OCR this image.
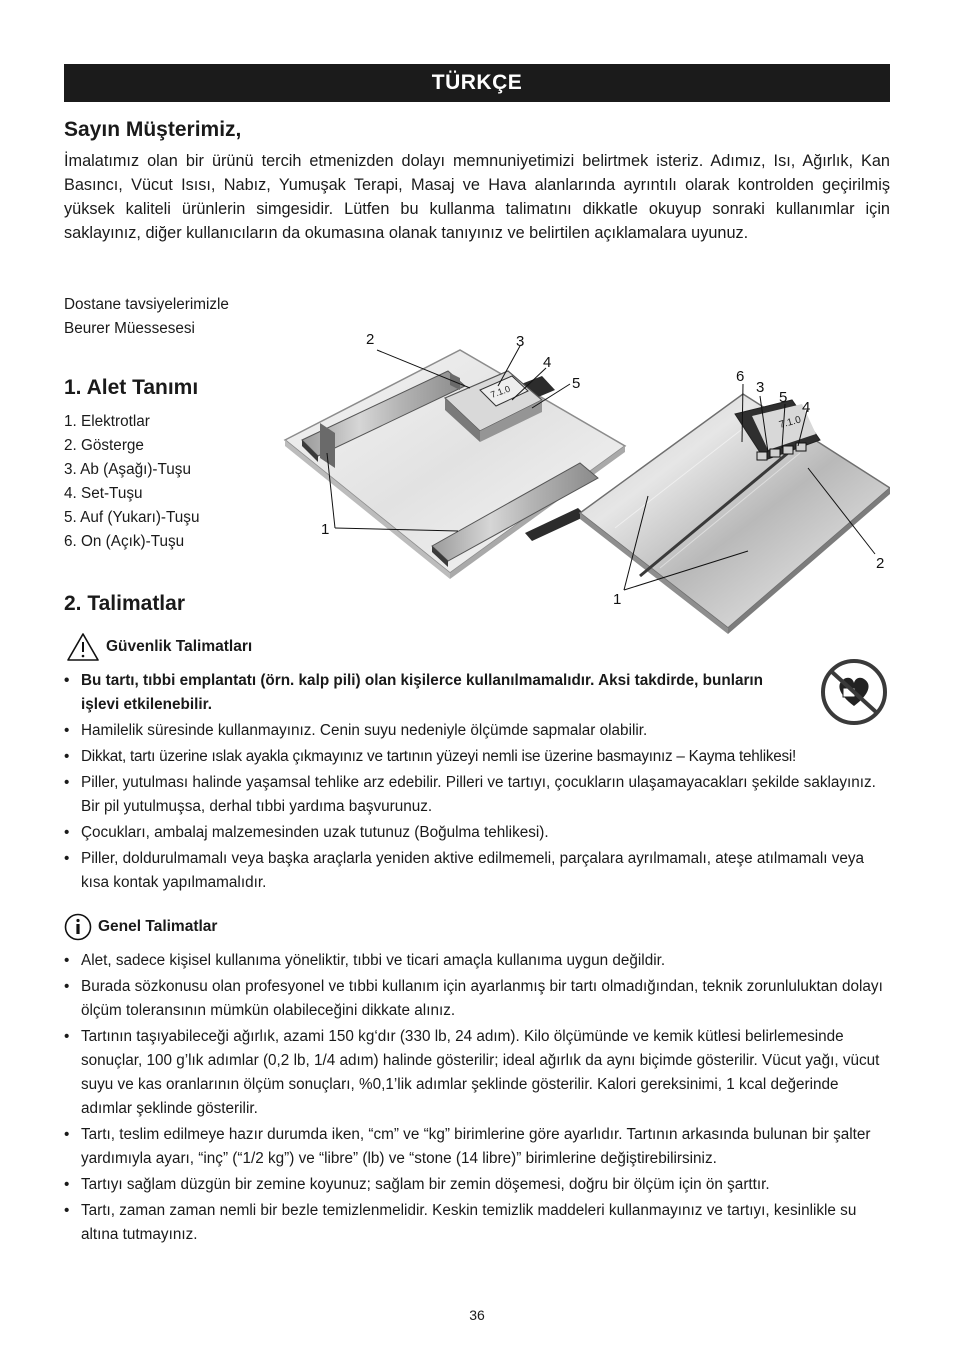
TÜRKÇE
Sayın Müşterimiz,

İmalatımız olan bir ürünü tercih etmenizden dolayı memnuniyetimizi belirtmek isteriz. Adımız, Isı, Ağırlık, Kan Basıncı, Vücut Isısı, Nabız, Yumuşak Terapi, Masaj ve Hava alanlarında ayrıntılı olarak kontrolden geçirilmiş yüksek kaliteli ürünlerin simgesidir. Lütfen bu kullanma talimatını dikkatle okuyup sonraki kullanımlar için saklayınız, diğer kullanıcıların da okumasına olanak tanıyınız ve belirtilen açıklamalara uyunuz.

Dostane tavsiyelerimizle
Beurer Müessesesi
1. Alet Tanımı
1. Elektrotlar
2. Gösterge
3. Ab (Aşağı)-Tuşu
4. Set-Tuşu
5. Auf (Yukarı)-Tuşu
6. On (Açık)-Tuşu
7.1.0
7.1.0
2	3
4
5
1
6
3
5
4
2
1
2. Talimatlar
Güvenlik Talimatları
• Bu tartı, tıbbi emplantatı (örn. kalp pili) olan kişilerce kullanılmamalıdır. Aksi takdirde, bunların işlevi etkilenebilir.
• Hamilelik süresinde kullanmayınız. Cenin suyu nedeniyle ölçümde sapmalar olabilir.
• Dikkat, tartı üzerine ıslak ayakla çıkmayınız ve tartının yüzeyi nemli ise üzerine basmayınız – Kayma tehlikesi!
• Piller, yutulması halinde yaşamsal tehlike arz edebilir. Pilleri ve tartıyı, çocukların ulaşamayacakları şekilde saklayınız. Bir pil yutulmuşsa, derhal tıbbi yardıma başvurunuz.
• Çocukları, ambalaj malzemesinden uzak tutunuz (Boğulma tehlikesi).
• Piller, doldurulmamalı veya başka araçlarla yeniden aktive edilmemeli, parçalara ayrılmamalı, ateşe atılmamalı veya kısa kontak yapılmamalıdır.
Genel Talimatlar
• Alet, sadece kişisel kullanıma yöneliktir, tıbbi ve ticari amaçla kullanıma uygun değildir.
• Burada sözkonusu olan profesyonel ve tıbbi kullanım için ayarlanmış bir tartı olmadığından, teknik zorunluluktan dolayı ölçüm toleransının mümkün olabileceğini dikkate alınız.
• Tartının taşıyabileceği ağırlık, azami 150 kg‘dır (330 lb, 24 adım). Kilo ölçümünde ve kemik kütlesi belirlemesinde sonuçlar, 100 g’lık adımlar (0,2 lb, 1/4 adım) halinde gösterilir; ideal ağırlık da aynı biçimde gösterilir. Vücut yağı, vücut suyu ve kas oranlarının ölçüm sonuçları, %0,1’lik adımlar şeklinde gösterilir. Kalori gereksinimi, 1 kcal değerinde adımlar şeklinde gösterilir.
• Tartı, teslim edilmeye hazır durumda iken, “cm” ve “kg” birimlerine göre ayarlıdır. Tartının arkasında bulunan bir şalter yardımıyla ayarı, “inç” (“1/2 kg”) ve “libre” (lb) ve “stone (14 libre)” birimlerine değiştirebilirsiniz.
• Tartıyı sağlam düzgün bir zemine koyunuz; sağlam bir zemin döşemesi, doğru bir ölçüm için ön şarttır.
• Tartı, zaman zaman nemli bir bezle temizlenmelidir. Keskin temizlik maddeleri kullanmayınız ve tartıyı, kesinlikle su altına tutmayınız.
36
